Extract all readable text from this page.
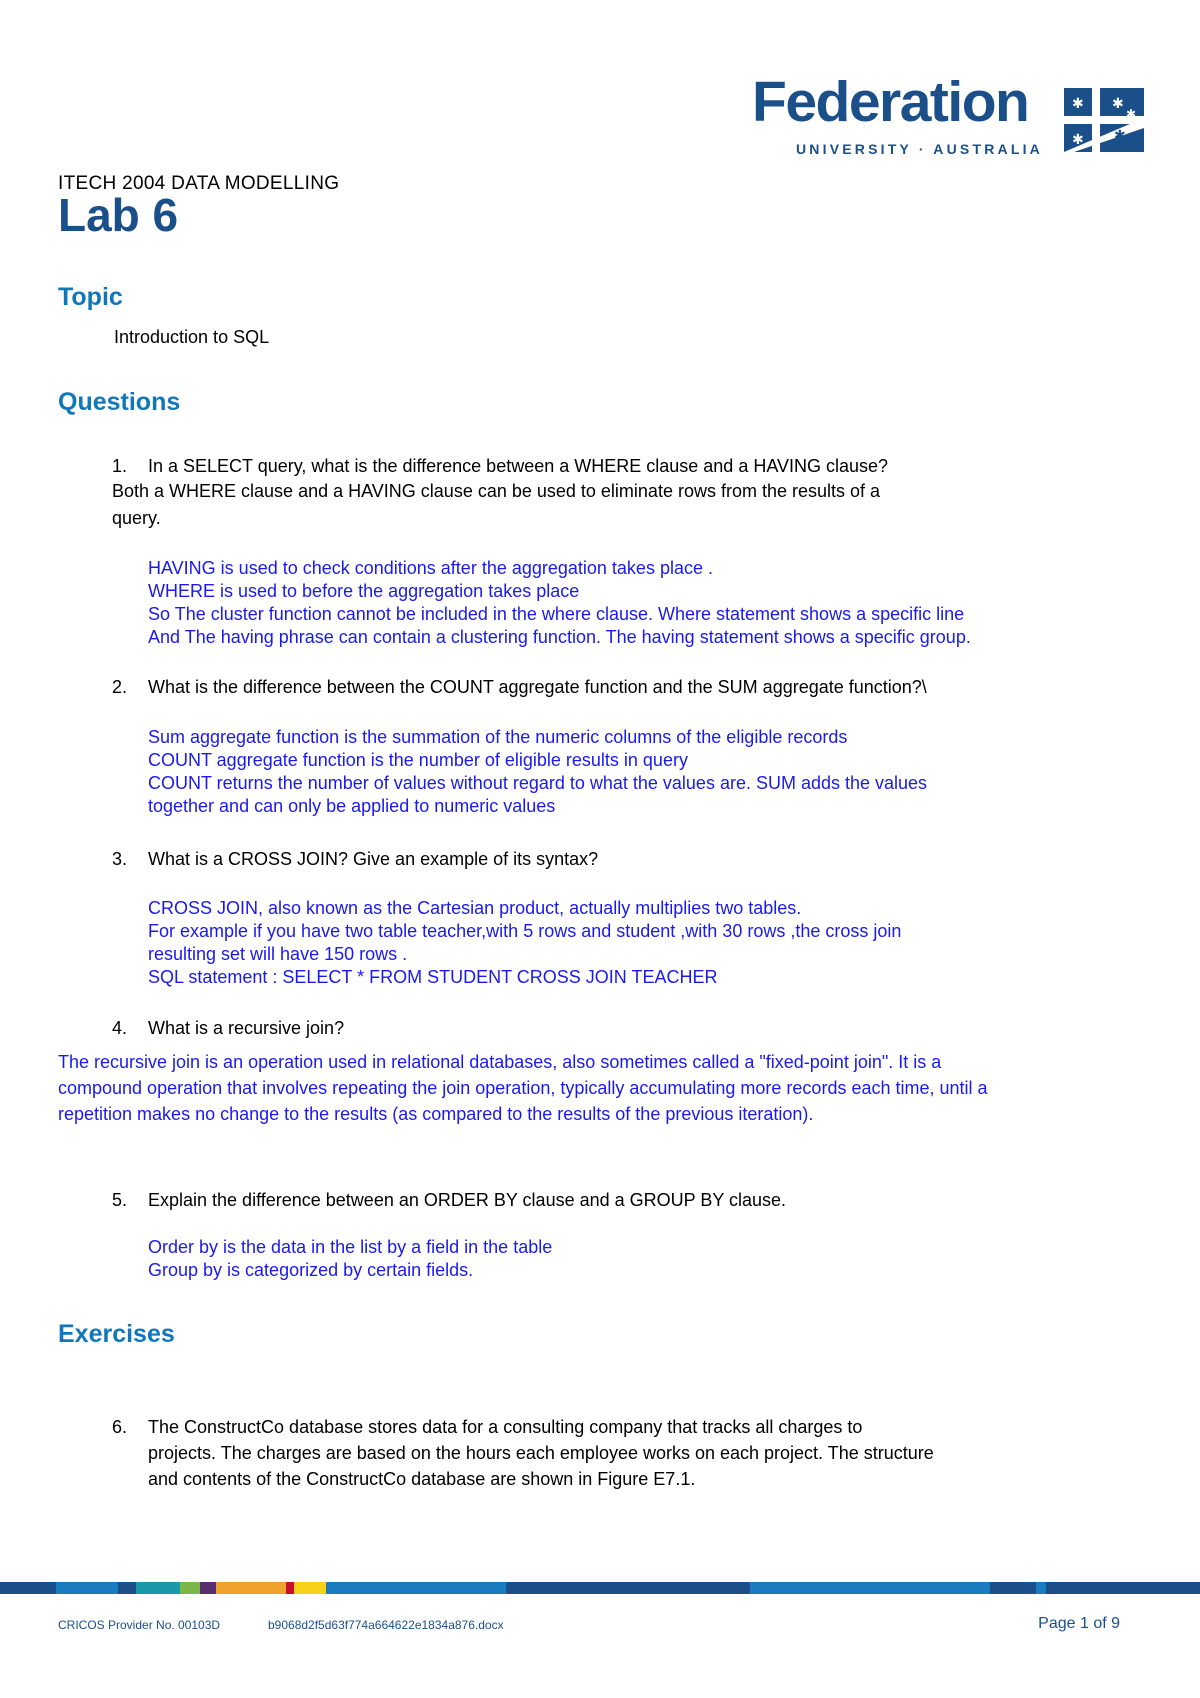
Federation
UNIVERSITY · AUSTRALIA
✱ ✱
✱
✱
✱
ITECH 2004 DATA MODELLING
Lab 6
Topic
Introduction to SQL
Questions
1. In a SELECT query, what is the difference between a WHERE clause and a HAVING clause?
Both a WHERE clause and a HAVING clause can be used to eliminate rows from the results of a
query.
HAVING is used to check conditions after the aggregation takes place .
WHERE is used to before the aggregation takes place
So The cluster function cannot be included in the where clause. Where statement shows a specific line
And The having phrase can contain a clustering function. The having statement shows a specific group.
2. What is the difference between the COUNT aggregate function and the SUM aggregate function?\
Sum aggregate function is the summation of the numeric columns of the eligible records
COUNT aggregate function is the number of eligible results in query
COUNT returns the number of values without regard to what the values are. SUM adds the values
together and can only be applied to numeric values
3. What is a CROSS JOIN? Give an example of its syntax?
CROSS JOIN, also known as the Cartesian product, actually multiplies two tables.
For example if you have two table teacher,with 5 rows and student ,with 30 rows ,the cross join
resulting set will have 150 rows .
SQL statement : SELECT * FROM STUDENT CROSS JOIN TEACHER
4. What is a recursive join?
The recursive join is an operation used in relational databases, also sometimes called a "fixed-point join". It is a
compound operation that involves repeating the join operation, typically accumulating more records each time, until a
repetition makes no change to the results (as compared to the results of the previous iteration).
5. Explain the difference between an ORDER BY clause and a GROUP BY clause.
Order by is the data in the list by a field in the table
Group by is categorized by certain fields.
Exercises
6.	The ConstructCo database stores data for a consulting company that tracks all charges to
projects. The charges are based on the hours each employee works on each project. The structure
and contents of the ConstructCo database are shown in Figure E7.1.
CRICOS Provider No. 00103D	b9068d2f5d63f774a664622e1834a876.docx	Page 1 of 9
